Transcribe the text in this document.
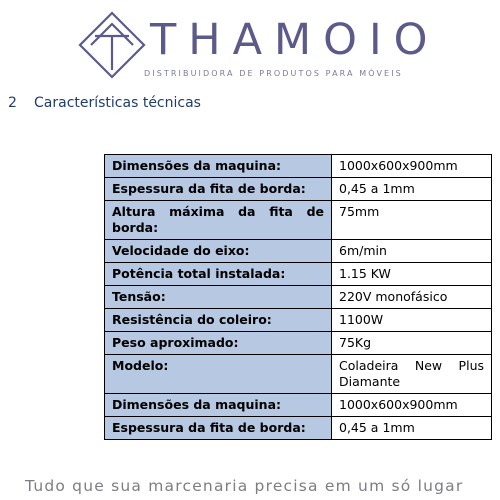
THAMOIO
DISTRIBUIDORA DE PRODUTOS PARA MÓVEIS
2 Características técnicas
Dimensões da maquina:	1000x600x900mm
Espessura da fita de borda:	0,45 a 1mm
Altura máxima da fita de borda:	75mm
Velocidade do eixo:	6m/min
Potência total instalada:	1.15 KW
Tensão:	220V monofásico
Resistência do coleiro:	1100W
Peso aproximado:	75Kg
Modelo:	Coladeira New Plus Diamante
Dimensões da maquina:	1000x600x900mm
Espessura da fita de borda:	0,45 a 1mm
Tudo que sua marcenaria precisa em um só lugar
